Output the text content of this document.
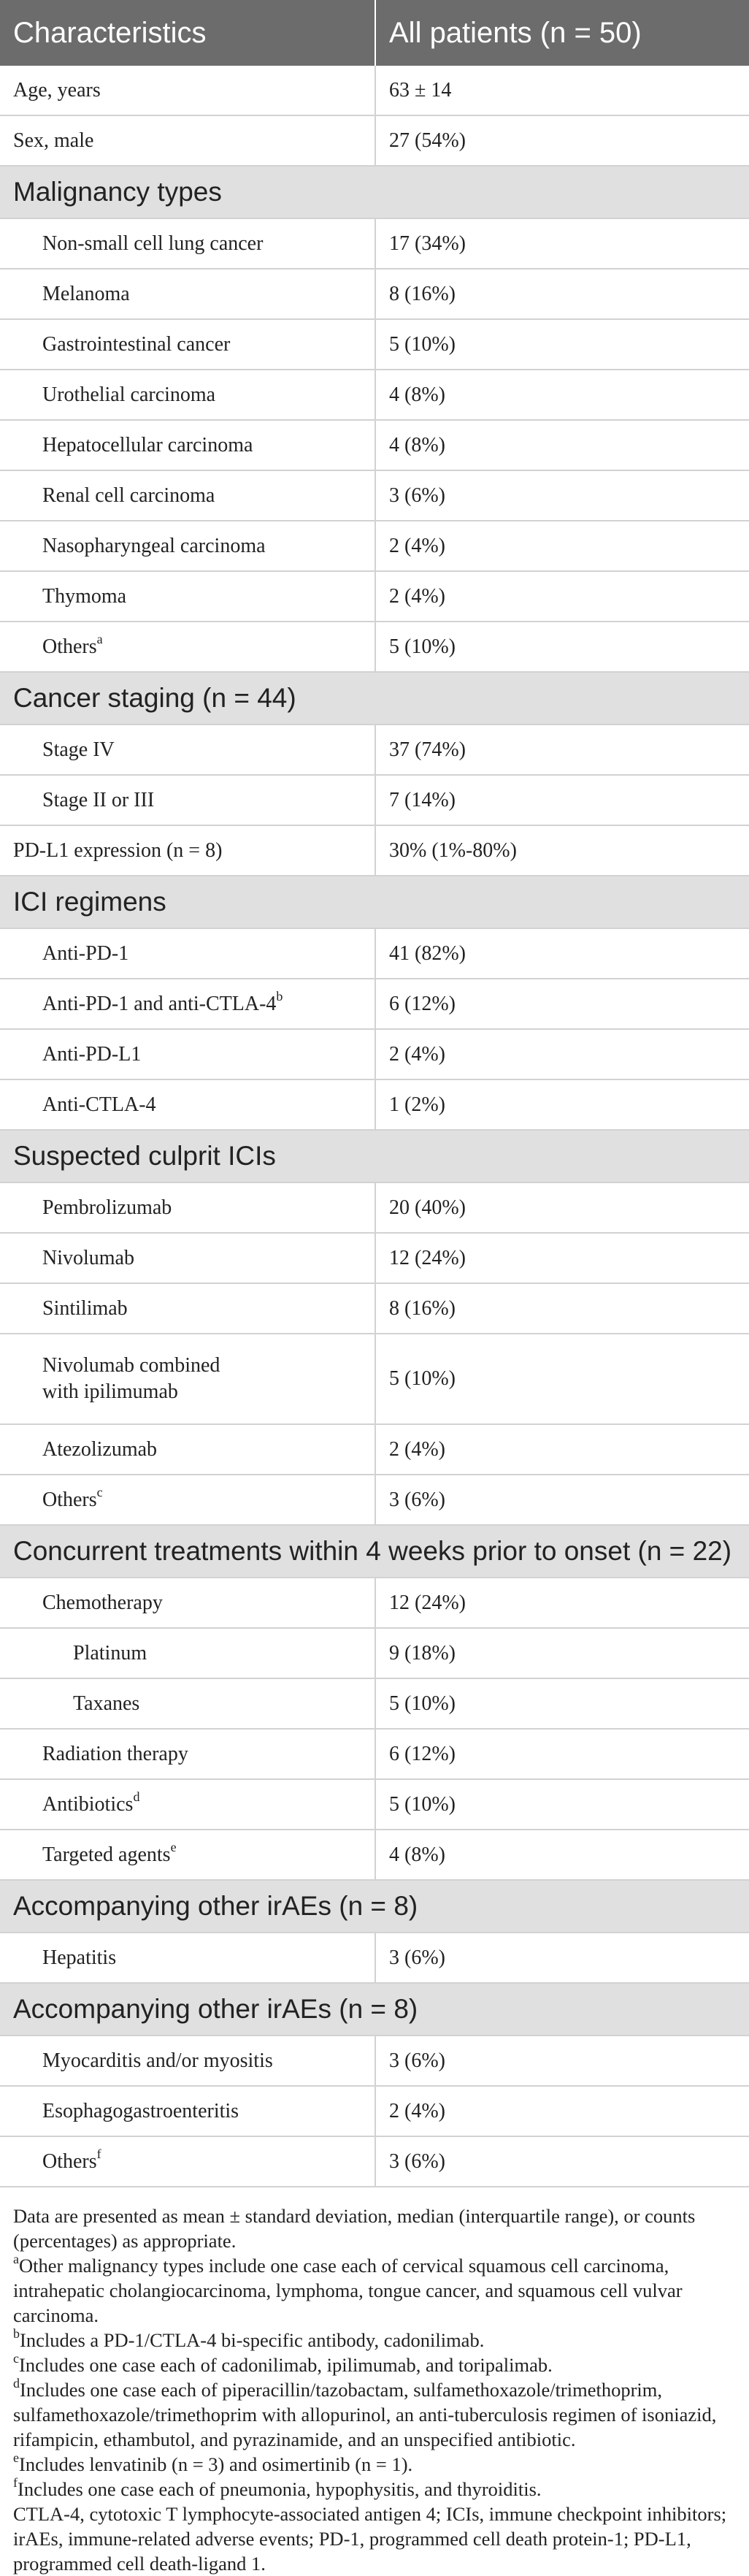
Characteristics	All patients (n = 50)
Age, years	63 ± 14
Sex, male	27 (54%)
Malignancy types	
Non-small cell lung cancer	17 (34%)
Melanoma	8 (16%)
Gastrointestinal cancer	5 (10%)
Urothelial carcinoma	4 (8%)
Hepatocellular carcinoma	4 (8%)
Renal cell carcinoma	3 (6%)
Nasopharyngeal carcinoma	2 (4%)
Thymoma	2 (4%)
Others$^a$	5 (10%)
Cancer staging (n = 44)	
Stage IV	37 (74%)
Stage II or III	7 (14%)
PD-L1 expression (n = 8)	30% (1%-80%)
ICI regimens	
Anti-PD-1	41 (82%)
Anti-PD-1 and anti-CTLA-4$^b$	6 (12%)
Anti-PD-L1	2 (4%)
Anti-CTLA-4	1 (2%)
Suspected culprit ICIs	
Pembrolizumab	20 (40%)
Nivolumab	12 (24%)
Sintilimab	8 (16%)
Nivolumab combined
with ipilimumab	5 (10%)
Atezolizumab	2 (4%)
Others$^c$	3 (6%)
Concurrent treatments within 4 weeks prior to onset (n = 22)	
Chemotherapy	12 (24%)
Platinum	9 (18%)
Taxanes	5 (10%)
Radiation therapy	6 (12%)
Antibiotics$^d$	5 (10%)
Targeted agents$^e$	4 (8%)
Accompanying other irAEs (n = 8)	
Hepatitis	3 (6%)
Accompanying other irAEs (n = 8)	
Myocarditis and/or myositis	3 (6%)
Esophagogastroenteritis	2 (4%)
Others$^f$	3 (6%)

Data are presented as mean ± standard deviation, median (interquartile range), or counts (percentages) as appropriate.

$^a$Other malignancy types include one case each of cervical squamous cell carcinoma, intrahepatic cholangiocarcinoma, lymphoma, tongue cancer, and squamous cell vulvar carcinoma.

$^b$Includes a PD-1/CTLA-4 bi-specific antibody, cadonilimab.

$^c$Includes one case each of cadonilimab, ipilimumab, and toripalimab.

$^d$Includes one case each of piperacillin/tazobactam, sulfamethoxazole/trimethoprim, sulfamethoxazole/trimethoprim with allopurinol, an anti-tuberculosis regimen of isoniazid, rifampicin, ethambutol, and pyrazinamide, and an unspecified antibiotic.

$^e$Includes lenvatinib (n = 3) and osimertinib (n = 1).

$^f$Includes one case each of pneumonia, hypophysitis, and thyroiditis.

CTLA-4, cytotoxic T lymphocyte-associated antigen 4; ICIs, immune checkpoint inhibitors; irAEs, immune-related adverse events; PD-1, programmed cell death protein-1; PD-L1, programmed cell death-ligand 1.
